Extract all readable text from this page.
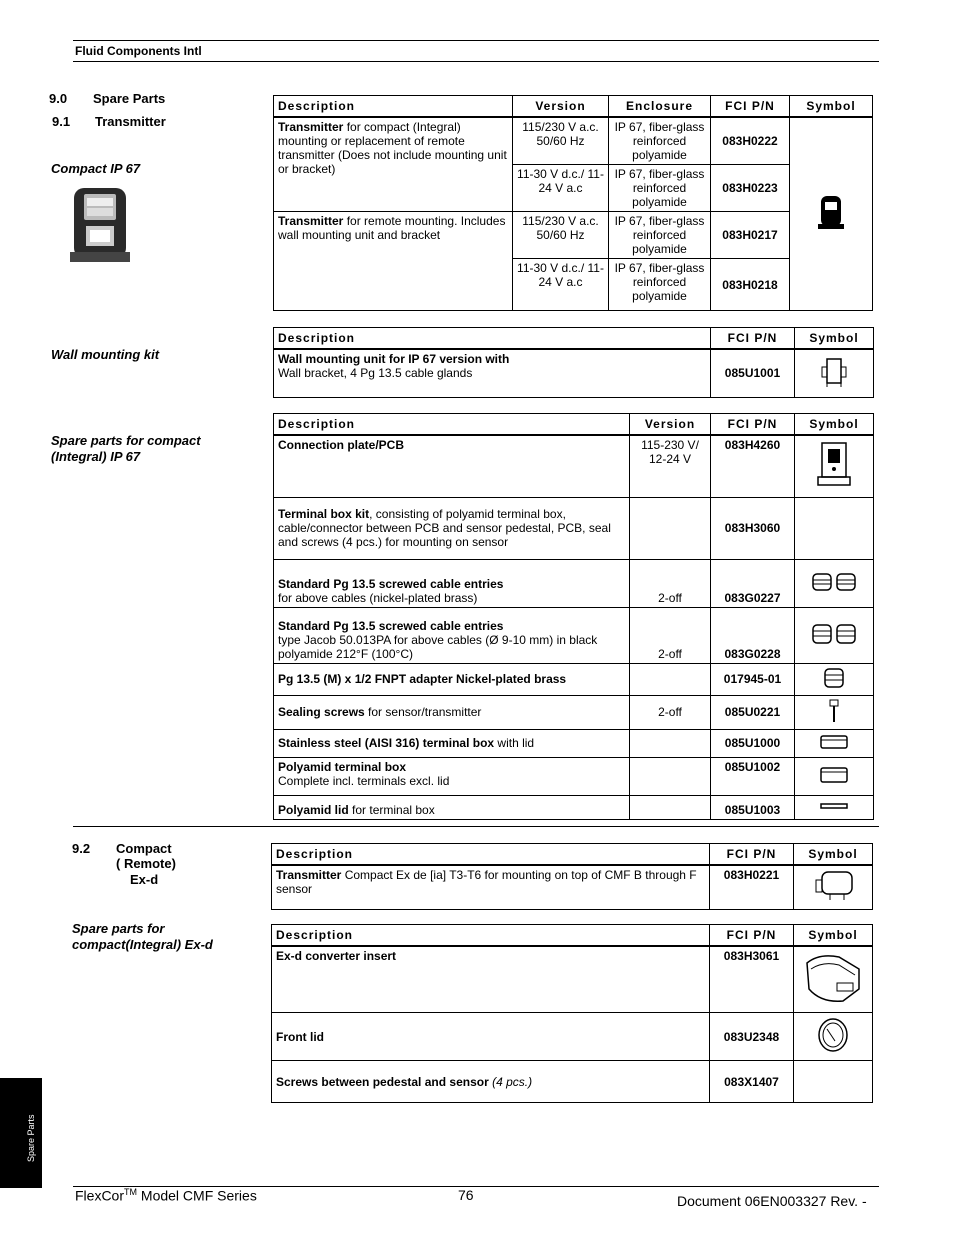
Fluid Components Intl
9.0 Spare Parts
9.1 Transmitter
Compact IP 67
Description	Version	Enclosure	FCI P/N	Symbol
Transmitter for compact (Integral) mounting or replacement of remote transmitter (Does not include mounting unit or bracket)	115/230 V a.c. 50/60 Hz	IP 67, fiber-glass reinforced polyamide	083H0222	
	11-30 V d.c./ 11-24 V a.c	IP 67, fiber-glass reinforced polyamide	083H0223	
Transmitter for remote mounting. Includes wall mounting unit and bracket	115/230 V a.c. 50/60 Hz	IP 67, fiber-glass reinforced polyamide	083H0217	
	11-30 V d.c./ 11-24 V a.c	IP 67, fiber-glass reinforced polyamide	083H0218	
Wall mounting kit
Description	FCI P/N	Symbol

Wall mounting unit for IP 67 version with
Wall bracket, 4 Pg 13.5 cable glands	085U1001	
Spare parts for compact
(Integral) IP 67
Description	Version	FCI P/N	Symbol
Connection plate/PCB	115-230 V/ 12-24 V	083H4260	
Terminal box kit, consisting of polyamid terminal box, cable/connector between PCB and sensor pedestal, PCB, seal and screws (4 pcs.) for mounting on sensor		083H3060	

Standard Pg 13.5 screwed cable entries
for above cables (nickel-plated brass)	2-off	083G0227	

Standard Pg 13.5 screwed cable entries
type Jacob 50.013PA for above cables (Ø 9-10 mm) in black polyamide 212°F (100°C)	2-off	083G0228	
Pg 13.5 (M) x 1/2 FNPT adapter Nickel-plated brass		017945-01	
Sealing screws for sensor/transmitter	2-off	085U0221	
Stainless steel (AISI 316) terminal box with lid		085U1000	

Polyamid terminal box
Complete incl. terminals excl. lid		085U1002	
Polyamid lid for terminal box		085U1003	
9.2 Compact
( Remote)
Ex-d
Description	FCI P/N	Symbol
Transmitter Compact Ex de [ia] T3-T6 for mounting on top of CMF B through F sensor	083H0221	
Spare parts for
compact(Integral) Ex-d
Description	FCI P/N	Symbol
Ex-d converter insert	083H3061	
Front lid	083U2348	
Screws between pedestal and sensor (4 pcs.)	083X1407	
Spare Parts
FlexCor™ Model CMF Series	76	Document 06EN003327 Rev. -
